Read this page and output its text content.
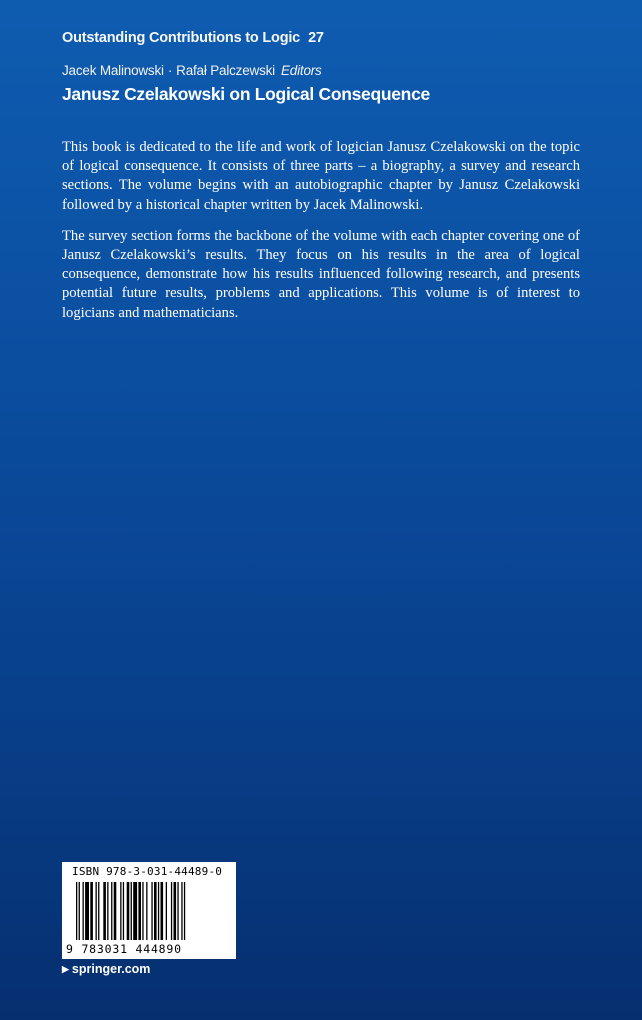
Outstanding Contributions to Logic 27
Jacek Malinowski · Rafał Palczewski Editors
Janusz Czelakowski on Logical Consequence

This book is dedicated to the life and work of logician Janusz Czelakowski on the topic of logical consequence. It consists of three parts – a biography, a survey and research sections. The volume begins with an autobiographic chapter by Janusz Czelakowski followed by a historical chapter written by Jacek Malinowski.

The survey section forms the backbone of the volume with each chapter covering one of Janusz Czelakowski’s results. They focus on his results in the area of logical consequence, demonstrate how his results influenced following research, and presents potential future results, problems and applications. This volume is of interest to logicians and mathematicians.

ISBN 978-3-031-44489-0
9 783031 444890
▶ springer.com
